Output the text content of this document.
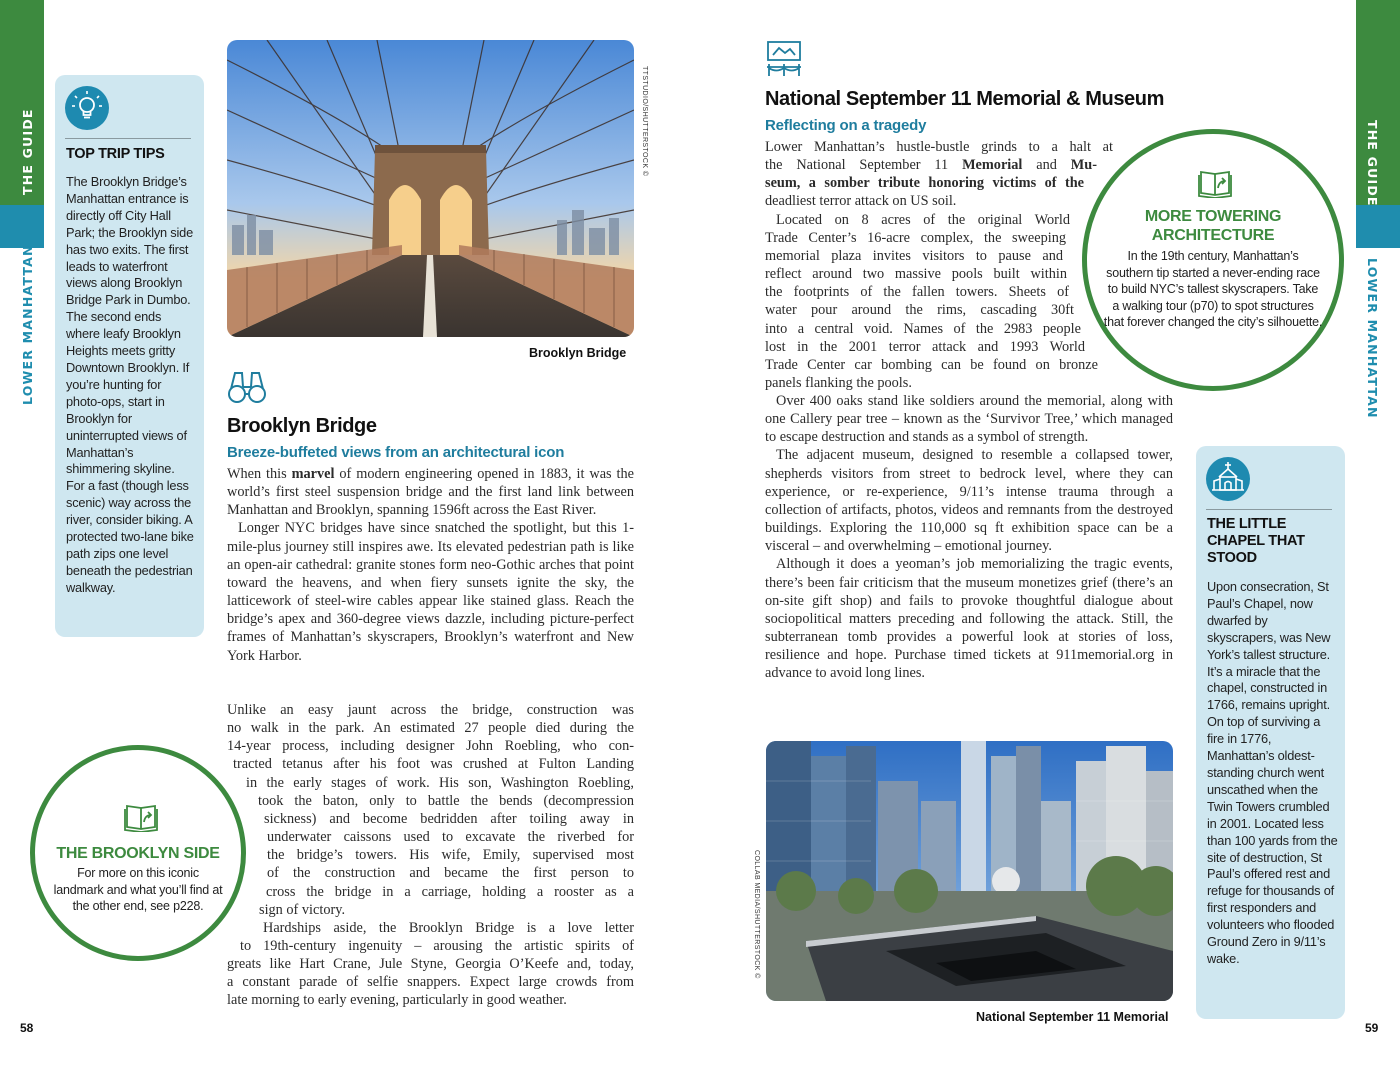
THE GUIDE
LOWER MANHATTAN
THE GUIDE
LOWER MANHATTAN
TOP TRIP TIPS
The Brooklyn Bridge’s Manhattan entrance is directly off City Hall Park; the Brooklyn side has two exits. The first leads to waterfront views along Brooklyn Bridge Park in Dumbo. The second ends where leafy Brooklyn Heights meets gritty Downtown Brooklyn. If you’re hunting for photo-ops, start in Brooklyn for uninterrupted views of Manhattan’s shimmering skyline. For a fast (though less scenic) way across the river, consider biking. A protected two-lane bike path zips one level beneath the pedestrian walkway.
TTSTUDIO/SHUTTERSTOCK ©
Brooklyn Bridge
Brooklyn Bridge
Breeze-buffeted views from an architectural icon

When this marvel of modern engineering opened in 1883, it was the world’s first steel suspension bridge and the first land link between Manhattan and Brooklyn, spanning 1596ft across the East River.

Longer NYC bridges have since snatched the spotlight, but this 1-mile-plus journey still inspires awe. Its elevated pedestrian path is like an open-air cathedral: granite stones form neo-Gothic arches that point toward the heavens, and when fiery sunsets ignite the sky, the latticework of steel-wire cables appear like stained glass. Reach the bridge’s apex and 360-degree views dazzle, including picture-perfect frames of Manhattan’s skyscrapers, Brooklyn’s waterfront and New York Harbor.

Unlike an easy jaunt across the bridge, construction was
no walk in the park. An estimated 27 people died during the
14-year process, including designer John Roebling, who con-
tracted tetanus after his foot was crushed at Fulton Landing
in the early stages of work. His son, Washington Roebling,
took the baton, only to battle the bends (decompression
sickness) and become bedridden after toiling away in
underwater caissons used to excavate the riverbed for
the bridge’s towers. His wife, Emily, supervised most
of the construction and became the first person to
cross the bridge in a carriage, holding a rooster as a
sign of victory.
Hardships aside, the Brooklyn Bridge is a love letter
to 19th-century ingenuity – arousing the artistic spirits of
greats like Hart Crane, Jule Styne, Georgia O’Keefe and, today,
a constant parade of selfie snappers. Expect large crowds from
late morning to early evening, particularly in good weather.
THE BROOKLYN SIDE
For more on this iconic landmark and what you’ll find at the other end, see p228.
National September 11 Memorial & Museum
Reflecting on a tragedy
Lower Manhattan’s hustle-bustle grinds to a halt at
the National September 11 Memorial and Mu-
seum, a somber tribute honoring victims of the
deadliest terror attack on US soil.
Located on 8 acres of the original World
Trade Center’s 16-acre complex, the sweeping
memorial plaza invites visitors to pause and
reflect around two massive pools built within
the footprints of the fallen towers. Sheets of
water pour around the rims, cascading 30ft
into a central void. Names of the 2983 people
lost in the 2001 terror attack and 1993 World
Trade Center car bombing can be found on bronze
panels flanking the pools.

Over 400 oaks stand like soldiers around the memorial, along with one Callery pear tree – known as the ‘Survivor Tree,’ which managed to escape destruction and stands as a symbol of strength.

The adjacent museum, designed to resemble a collapsed tower, shepherds visitors from street to bedrock level, where they can experience, or re-experience, 9/11’s intense trauma through a collection of artifacts, photos, videos and remnants from the destroyed buildings. Exploring the 110,000 sq ft exhibition space can be a visceral – and overwhelming – emotional journey.

Although it does a yeoman’s job memorializing the tragic events, there’s been fair criticism that the museum monetizes grief (there’s an on-site gift shop) and fails to provoke thoughtful dialogue about sociopolitical matters preceding and following the attack. Still, the subterranean tomb provides a powerful look at stories of loss, resilience and hope. Purchase timed tickets at 911memorial.org in advance to avoid long lines.

MORE TOWERING
ARCHITECTURE
In the 19th century, Manhattan’s southern tip started a never-ending race to build NYC’s tallest skyscrapers. Take a walking tour (p70) to spot structures that forever changed the city’s silhouette.
COLLAB MEDIA/SHUTTERSTOCK ©
National September 11 Memorial
THE LITTLE
CHAPEL THAT
STOOD
Upon consecration, St Paul’s Chapel, now dwarfed by skyscrapers, was New York’s tallest structure. It’s a miracle that the chapel, constructed in 1766, remains upright. On top of surviving a fire in 1776, Manhattan’s oldest-standing church went unscathed when the Twin Towers crumbled in 2001. Located less than 100 yards from the site of destruction, St Paul’s offered rest and refuge for thousands of first responders and volunteers who flooded Ground Zero in 9/11’s wake.
58	59
